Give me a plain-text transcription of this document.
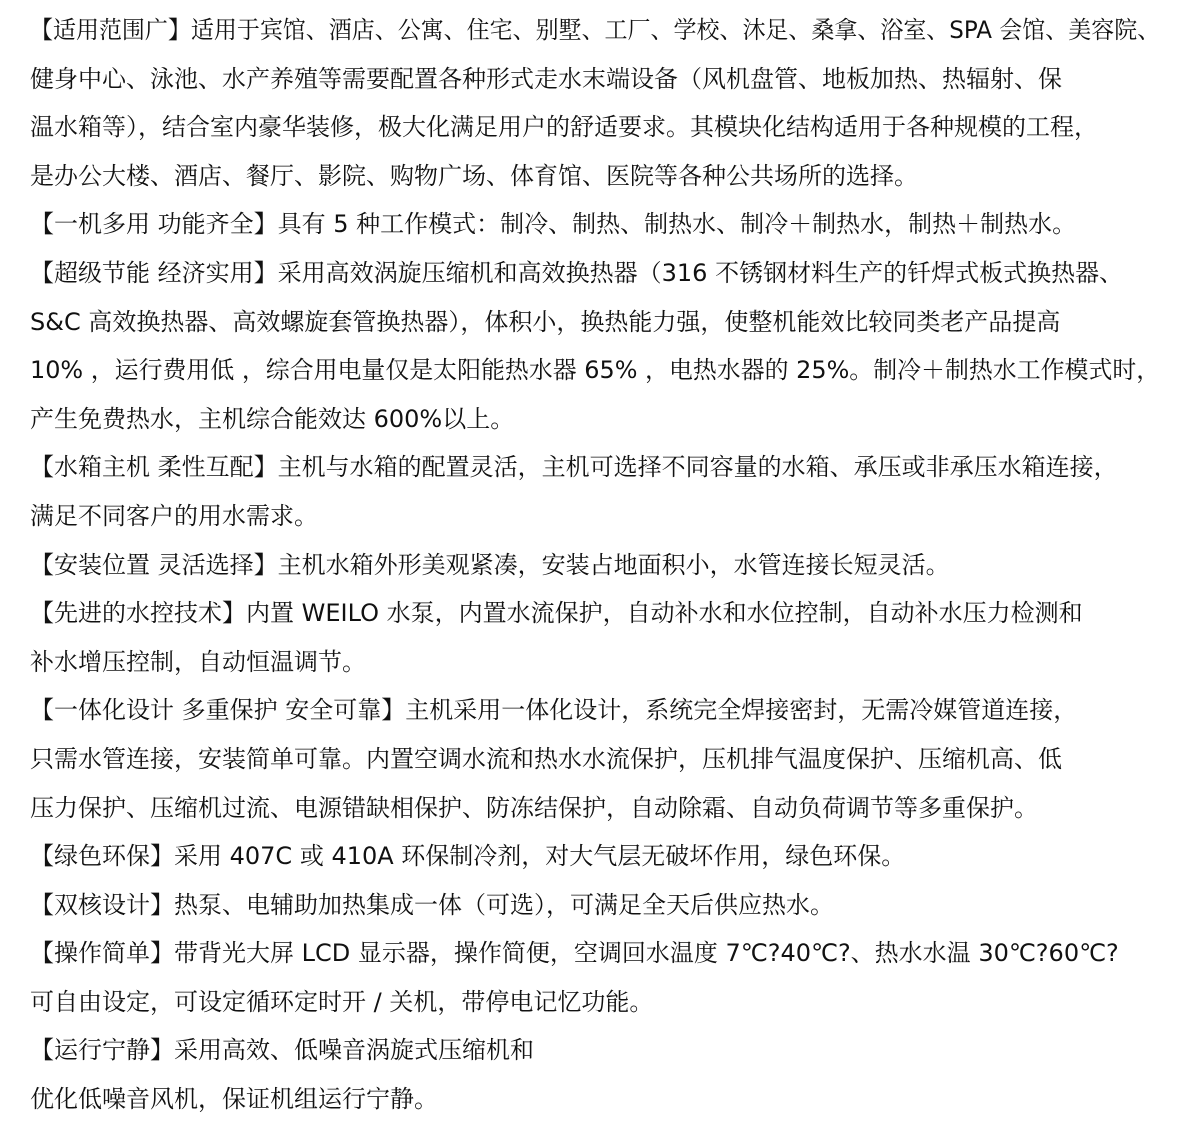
【适用范围广】适用于宾馆、酒店、公寓、住宅、别墅、工厂、学校、沐足、桑拿、浴室、SPA 会馆、美容院、
健身中心、泳池、水产养殖等需要配置各种形式走水末端设备（风机盘管、地板加热、热辐射、保
温水箱等），结合室内豪华装修，极大化满足用户的舒适要求。其模块化结构适用于各种规模的工程，
是办公大楼、酒店、餐厅、影院、购物广场、体育馆、医院等各种公共场所的选择。

【一机多用 功能齐全】具有 5 种工作模式：制冷、制热、制热水、制冷＋制热水，制热＋制热水。

【超级节能 经济实用】采用高效涡旋压缩机和高效换热器（316 不锈钢材料生产的钎焊式板式换热器、
S&C 高效换热器、高效螺旋套管换热器），体积小，换热能力强，使整机能效比较同类老产品提高
10% ，运行费用低 ，综合用电量仅是太阳能热水器 65% ，电热水器的 25%。制冷＋制热水工作模式时，
产生免费热水，主机综合能效达 600%以上。

【水箱主机 柔性互配】主机与水箱的配置灵活，主机可选择不同容量的水箱、承压或非承压水箱连接，
满足不同客户的用水需求。

【安装位置 灵活选择】主机水箱外形美观紧凑，安装占地面积小，水管连接长短灵活。

【先进的水控技术】内置 WEILO 水泵，内置水流保护，自动补水和水位控制，自动补水压力检测和
补水增压控制，自动恒温调节。

【一体化设计 多重保护 安全可靠】主机采用一体化设计，系统完全焊接密封，无需冷媒管道连接，
只需水管连接，安装简单可靠。内置空调水流和热水水流保护，压机排气温度保护、压缩机高、低
压力保护、压缩机过流、电源错缺相保护、防冻结保护，自动除霜、自动负荷调节等多重保护。

【绿色环保】采用 407C 或 410A 环保制冷剂，对大气层无破坏作用，绿色环保。

【双核设计】热泵、电辅助加热集成一体（可选），可满足全天后供应热水。

【操作简单】带背光大屏 LCD 显示器，操作简便，空调回水温度 7℃?40℃?、热水水温 30℃?60℃?
可自由设定，可设定循环定时开 / 关机，带停电记忆功能。

【运行宁静】采用高效、低噪音涡旋式压缩机和
优化低噪音风机，保证机组运行宁静。
